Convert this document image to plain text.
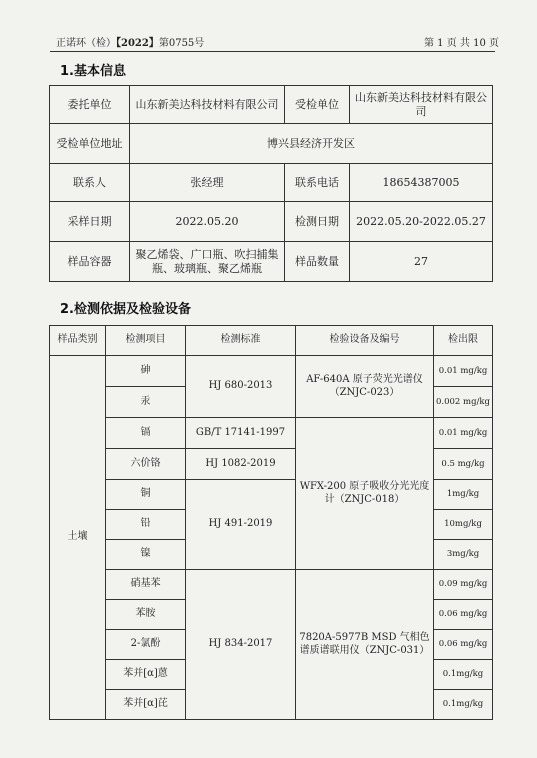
正诺环（检）【2022】第0755号	第 1 页 共 10 页
1.基本信息
委托单位	山东新美达科技材料有限公司	受检单位	山东新美达科技材料有限公司
受检单位地址	博兴县经济开发区		
联系人	张经理	联系电话	18654387005
采样日期	2022.05.20	检测日期	2022.05.20-2022.05.27
样品容器	聚乙烯袋、广口瓶、吹扫捕集瓶、玻璃瓶、聚乙烯瓶	样品数量	27
2.检测依据及检验设备
样品类别	检测项目	检测标准	检验设备及编号	检出限
土壤	砷	HJ 680-2013	AF-640A 原子荧光光谱仪（ZNJC-023）	0.01 mg/kg
	汞			0.002 mg/kg
	镉	GB/T 17141-1997	WFX-200 原子吸收分光光度计（ZNJC-018）	0.01 mg/kg
	六价铬	HJ 1082-2019		0.5 mg/kg
	铜	HJ 491-2019		1mg/kg
	铅			10mg/kg
	镍			3mg/kg
	硝基苯	HJ 834-2017	7820A-5977B MSD 气相色谱质谱联用仪（ZNJC-031）	0.09 mg/kg
	苯胺			0.06 mg/kg
	2-氯酚			0.06 mg/kg
	苯并[α]蒽			0.1mg/kg
	苯并[α]芘			0.1mg/kg
